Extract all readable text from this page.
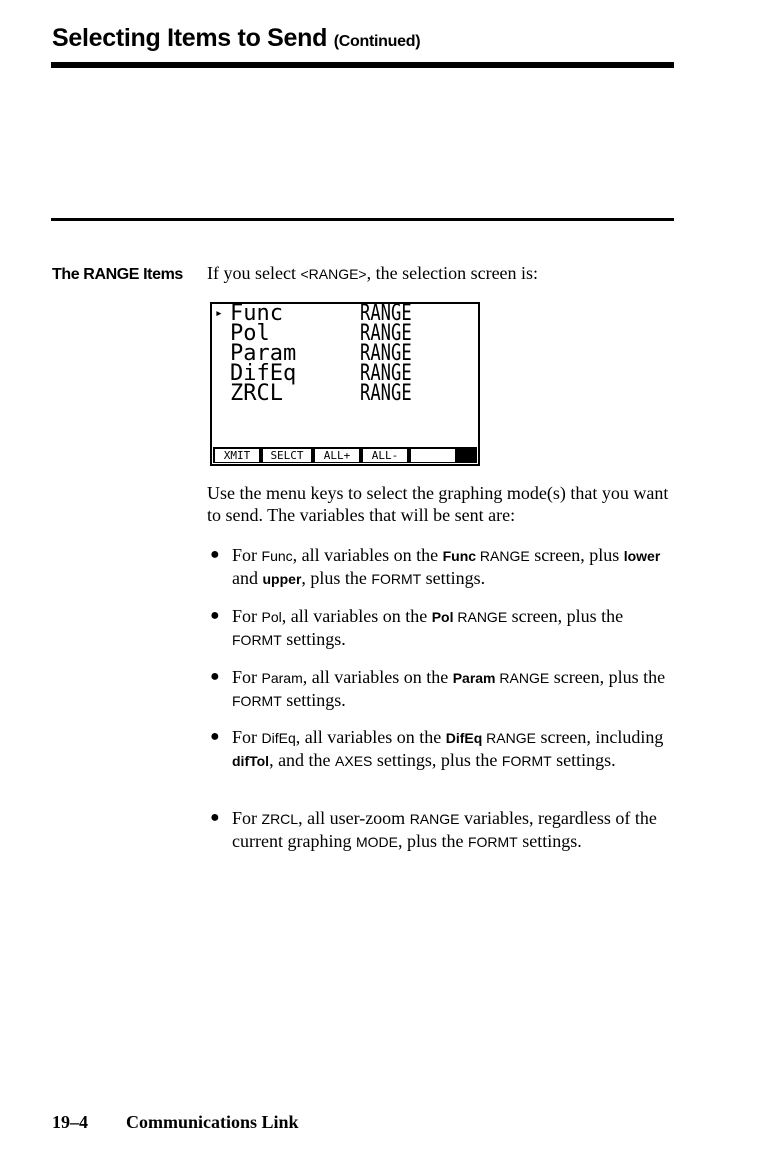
Selecting Items to Send (Continued)
The RANGE Items If you select <RANGE>, the selection screen is:
▸ Func	RANGE
Pol	RANGE
Param	RANGE
DifEq	RANGE
ZRCL	RANGE
XMIT	SELCT	ALL+	ALL-

Use the menu keys to select the graphing mode(s) that you want to send. The variables that will be sent are:

● For Func, all variables on the Func RANGE screen, plus lower and upper, plus the FORMT settings.
● For Pol, all variables on the Pol RANGE screen, plus the FORMT settings.
● For Param, all variables on the Param RANGE screen, plus the FORMT settings.
● For DifEq, all variables on the DifEq RANGE screen, including difTol, and the AXES settings, plus the FORMT settings.
● For ZRCL, all user-zoom RANGE variables, regardless of the current graphing MODE, plus the FORMT settings.
19–4 Communications Link
